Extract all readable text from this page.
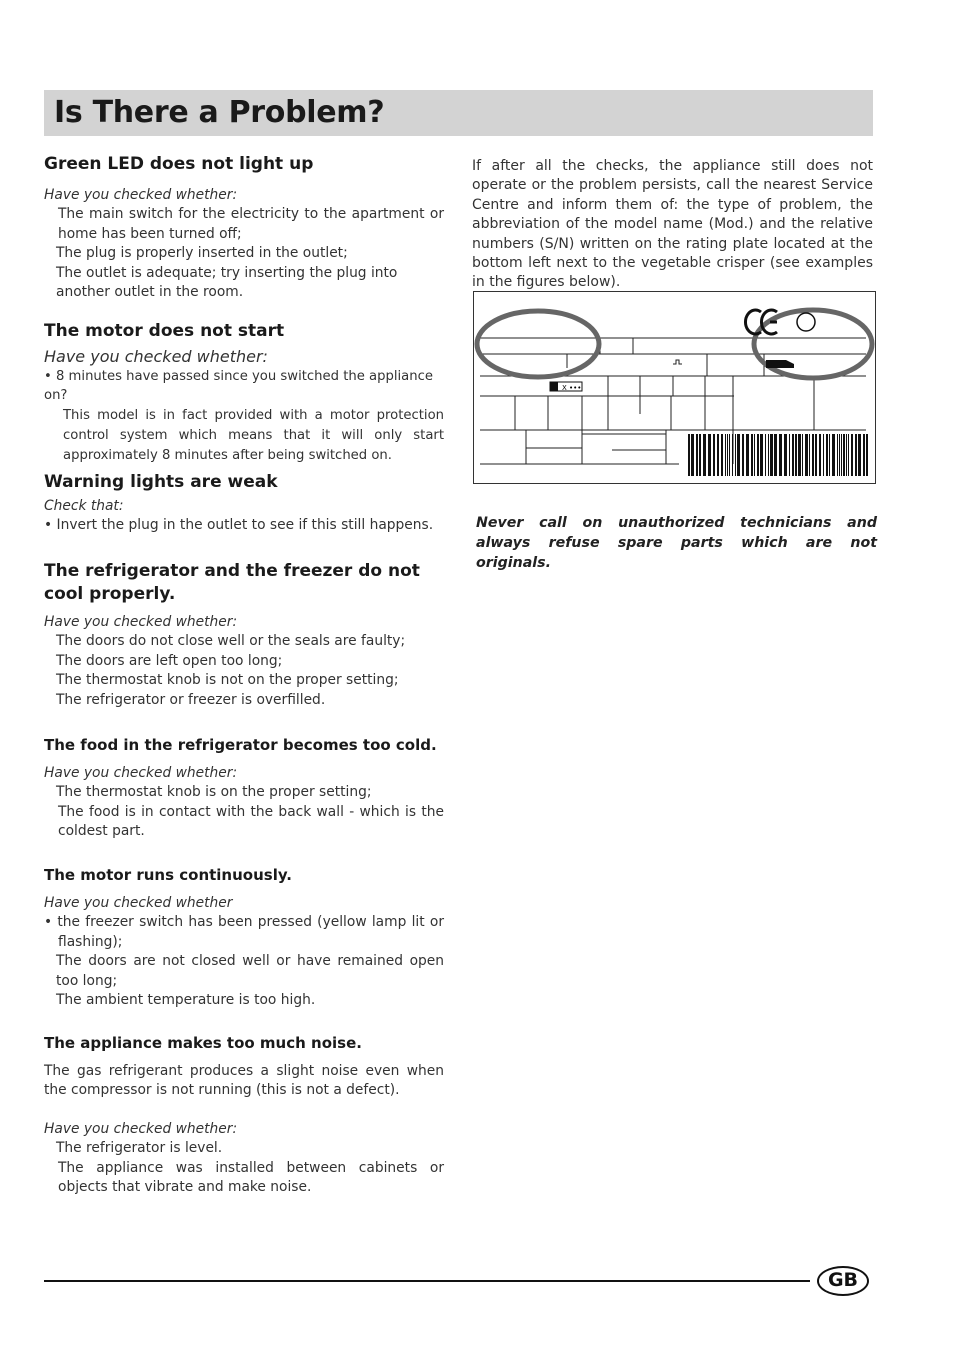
Is There a Problem?
Green LED does not light up

Have you checked whether:

The main switch for the electricity to the apartment or home has been turned off;

The plug is properly inserted in the outlet;

The outlet is adequate; try inserting the plug into another outlet in the room.

The motor does not start

Have you checked whether:

• 8 minutes have passed since you switched the appliance on?

This model is in fact provided with a motor protection control system which means that it will only start approximately 8 minutes after being switched on.

Warning lights are weak

Check that:

• Invert the plug in the outlet to see if this still happens.

The refrigerator and the freezer do not cool properly.

Have you checked whether:

The doors do not close well or the seals are faulty;

The doors are left open too long;

The thermostat knob is not on the proper setting;

The refrigerator or freezer is overfilled.

The food in the refrigerator becomes too cold.

Have you checked whether:

The thermostat knob is on the proper setting;

The food is in contact with the back wall - which is the coldest part.

The motor runs continuously.

Have you checked whether

• the freezer switch has been pressed (yellow lamp lit or flashing);

The doors are not closed well or have remained open too long;

The ambient temperature is too high.

The appliance makes too much noise.

The gas refrigerant produces a slight noise even when the compressor is not running (this is not a defect).

Have you checked whether:

The refrigerator is level.

The appliance was installed between cabinets or objects that vibrate and make noise.

If after all the checks, the appliance still does not operate or the problem persists, call the nearest Service Centre and inform them of: the type of problem, the abbreviation of the model name (Mod.) and the relative numbers (S/N) written on the rating plate located at the bottom left next to the vegetable crisper (see examples in the figures below).

X •••

Never call on unauthorized technicians and always refuse spare parts which are not originals.

GB
